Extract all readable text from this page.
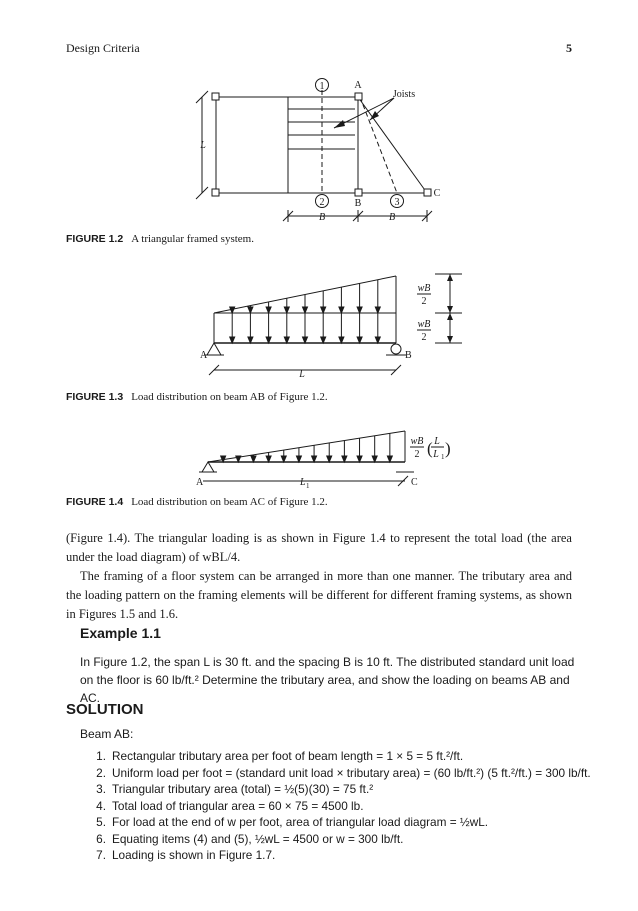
Design Criteria	5
1
2	3
A
B
C
Joists
L
B	B
FIGURE 1.2 A triangular framed system.
A	B
L
wB
2
wB
2
FIGURE 1.3 Load distribution on beam AB of Figure 1.2.
A	C
L 1
wB
2 ( L
L 1 )
FIGURE 1.4 Load distribution on beam AC of Figure 1.2.
(Figure 1.4). The triangular loading is as shown in Figure 1.4 to represent the total load (the area under the load diagram) of wBL/4.
The framing of a floor system can be arranged in more than one manner. The tributary area and the loading pattern on the framing elements will be different for different framing systems, as shown in Figures 1.5 and 1.6.
Example 1.1
In Figure 1.2, the span L is 30 ft. and the spacing B is 10 ft. The distributed standard unit load on the floor is 60 lb/ft.² Determine the tributary area, and show the loading on beams AB and AC.
SOLUTION
Beam AB:
1. Rectangular tributary area per foot of beam length = 1 × 5 = 5 ft.²/ft.
2. Uniform load per foot = (standard unit load × tributary area) = (60 lb/ft.²) (5 ft.²/ft.) = 300 lb/ft.
3. Triangular tributary area (total) = ½(5)(30) = 75 ft.²
4. Total load of triangular area = 60 × 75 = 4500 lb.
5. For load at the end of w per foot, area of triangular load diagram = ½wL.
6. Equating items (4) and (5), ½wL = 4500 or w = 300 lb/ft.
7. Loading is shown in Figure 1.7.
